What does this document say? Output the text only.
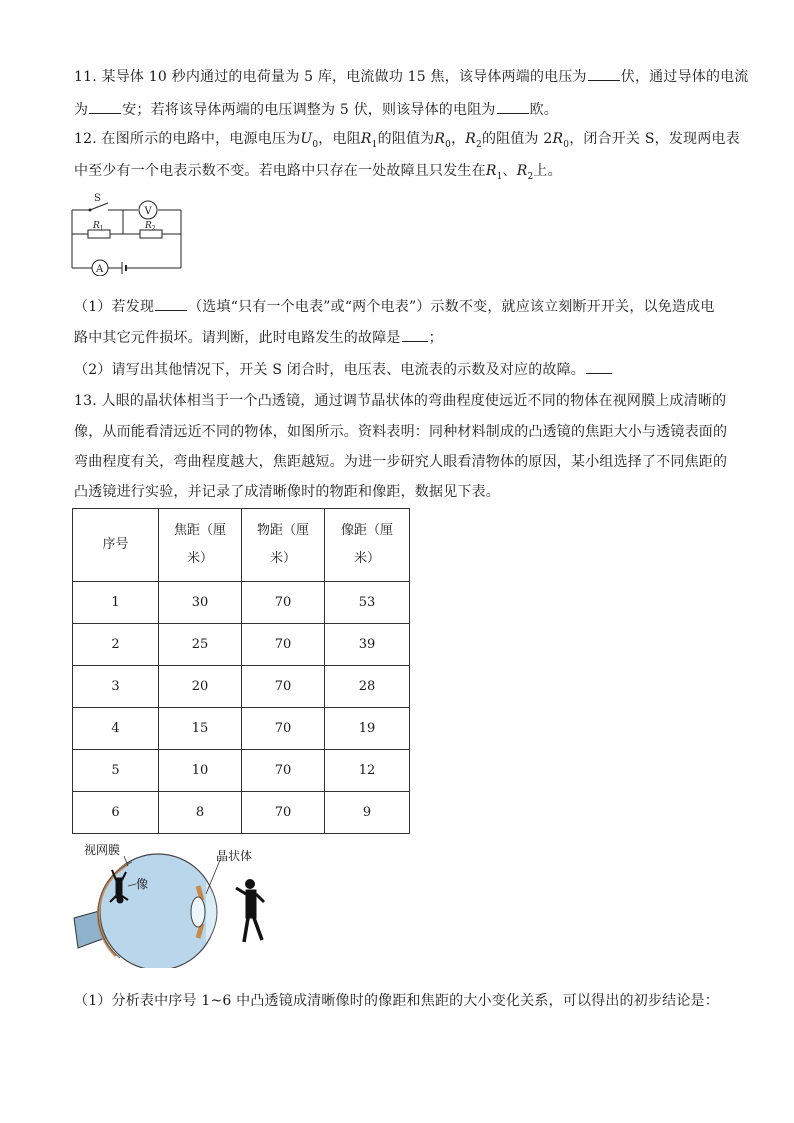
11. 某导体 10 秒内通过的电荷量为 5 库，电流做功 15 焦，该导体两端的电压为 伏，通过导体的电流
为 安；若将该导体两端的电压调整为 5 伏，则该导体的电阻为 欧。
12. 在图所示的电路中，电源电压为$U_0$，电阻$R_1$的阻值为$R_0$，$R_2$的阻值为 $2R_0$，闭合开关 S，发现两电表
中至少有一个电表示数不变。若电路中只存在一处故障且只发生在$R_1$、$R_2$上。
S
V
A
$R_1$	$R_2$
（1）若发现 （选填“只有一个电表”或“两个电表”）示数不变，就应该立刻断开开关，以免造成电
路中其它元件损坏。请判断，此时电路发生的故障是 ；
（2）请写出其他情况下，开关 S 闭合时，电压表、电流表的示数及对应的故障。
13. 人眼的晶状体相当于一个凸透镜，通过调节晶状体的弯曲程度使远近不同的物体在视网膜上成清晰的
像，从而能看清远近不同的物体，如图所示。资料表明：同种材料制成的凸透镜的焦距大小与透镜表面的
弯曲程度有关，弯曲程度越大，焦距越短。为进一步研究人眼看清物体的原因，某小组选择了不同焦距的
凸透镜进行实验，并记录了成清晰像时的物距和像距，数据见下表。
序号	焦距（厘
米）	物距（厘
米）	像距（厘
米）
1	30	70	53
2	25	70	39
3	20	70	28
4	15	70	19
5	10	70	12
6	8	70	9
视网膜	晶状体
像
（1）分析表中序号 1~6 中凸透镜成清晰像时的像距和焦距的大小变化关系，可以得出的初步结论是：
